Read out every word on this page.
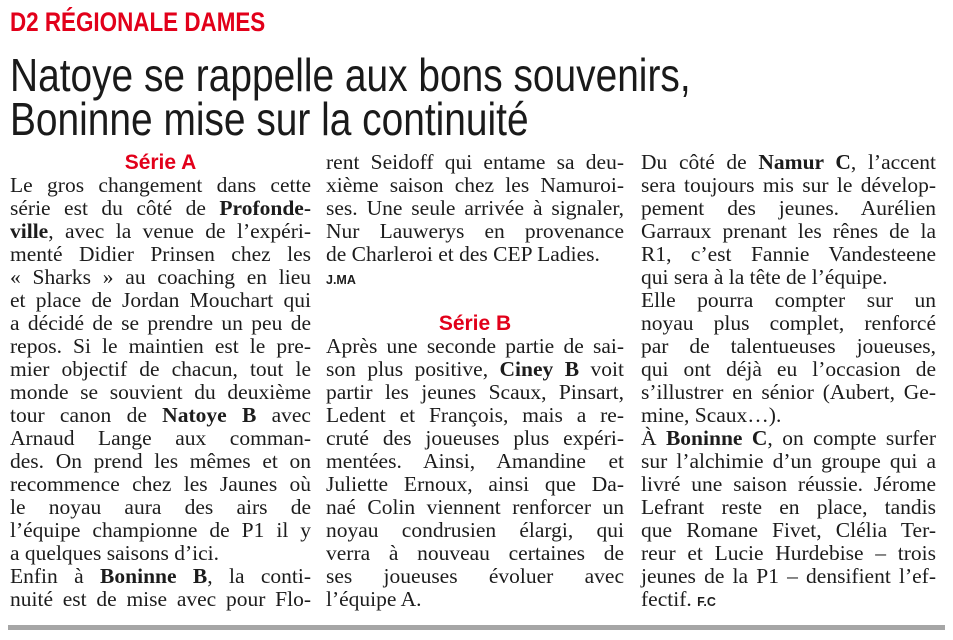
D2 RÉGIONALE DAMES
Natoye se rappelle aux bons souvenirs,
Boninne mise sur la continuité
Série A
Le gros changement dans cette
série est du côté de Profonde-
ville, avec la venue de l’expéri-
menté Didier Prinsen chez les
« Sharks » au coaching en lieu
et place de Jordan Mouchart qui
a décidé de se prendre un peu de
repos. Si le maintien est le pre-
mier objectif de chacun, tout le
monde se souvient du deuxième
tour canon de Natoye B avec
Arnaud Lange aux comman-
des. On prend les mêmes et on
recommence chez les Jaunes où
le noyau aura des airs de
l’équipe championne de P1 il y
a quelques saisons d’ici.
Enfin à Boninne B, la conti-
nuité est de mise avec pour Flo-
rent Seidoff qui entame sa deu-
xième saison chez les Namuroi-
ses. Une seule arrivée à signaler,
Nur Lauwerys en provenance
de Charleroi et des CEP Ladies.
J.MA
Série B
Après une seconde partie de sai-
son plus positive, Ciney B voit
partir les jeunes Scaux, Pinsart,
Ledent et François, mais a re-
cruté des joueuses plus expéri-
mentées. Ainsi, Amandine et
Juliette Ernoux, ainsi que Da-
naé Colin viennent renforcer un
noyau condrusien élargi, qui
verra à nouveau certaines de
ses joueuses évoluer avec
l’équipe A.
Du côté de Namur C, l’accent
sera toujours mis sur le dévelop-
pement des jeunes. Aurélien
Garraux prenant les rênes de la
R1, c’est Fannie Vandesteene
qui sera à la tête de l’équipe.
Elle pourra compter sur un
noyau plus complet, renforcé
par de talentueuses joueuses,
qui ont déjà eu l’occasion de
s’illustrer en sénior (Aubert, Ge-
mine, Scaux…).
À Boninne C, on compte surfer
sur l’alchimie d’un groupe qui a
livré une saison réussie. Jérome
Lefrant reste en place, tandis
que Romane Fivet, Clélia Ter-
reur et Lucie Hurdebise – trois
jeunes de la P1 – densifient l’ef-
fectif. F.C
